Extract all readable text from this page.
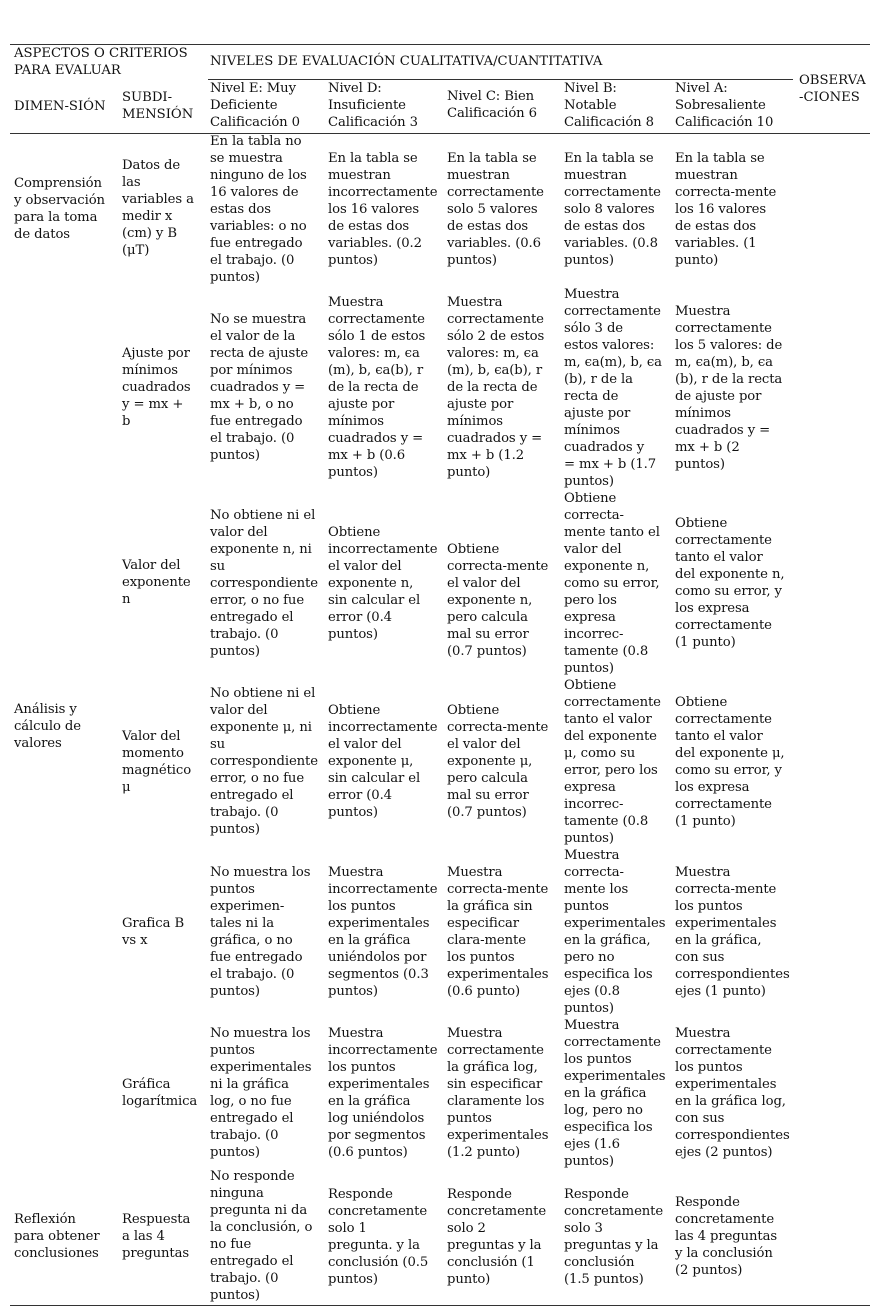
ASPECTOS O CRITERIOS
PARA EVALUAR
NIVELES DE EVALUACIÓN CUALITATIVA/CUANTITATIVA
DIMEN-SIÓN
SUBDI-
MENSIÓN
OBSERVA
-CIONES
Nivel E: Muy
Deficiente
Calificación 0
Nivel D:
Insuficiente
Calificación 3
Nivel C: Bien
Calificación 6
Nivel B:
Notable
Calificación 8
Nivel A:
Sobresaliente
Calificación 10
Comprensión
y observación
para la toma
de datos
Análisis y
cálculo de
valores
Reflexión
para obtener
conclusiones
Datos de
las
variables a
medir x
(cm) y B
(μT)
En la tabla no
se muestra
ninguno de los
16 valores de
estas dos
variables: o no
fue entregado
el trabajo. (0
puntos)
En la tabla se
muestran
incorrectamente
los 16 valores
de estas dos
variables. (0.2
puntos)
En la tabla se
muestran
correctamente
solo 5 valores
de estas dos
variables. (0.6
puntos)
En la tabla se
muestran
correctamente
solo 8 valores
de estas dos
variables. (0.8
puntos)
En la tabla se
muestran
correcta-mente
los 16 valores
de estas dos
variables. (1
punto)
Ajuste por
mínimos
cuadrados
y = mx +
b
No se muestra
el valor de la
recta de ajuste
por mínimos
cuadrados y =
mx + b, o no
fue entregado
el trabajo. (0
puntos)
Muestra
correctamente
sólo 1 de estos
valores: m, ϵa
(m), b, ϵa(b), r
de la recta de
ajuste por
mínimos
cuadrados y =
mx + b (0.6
puntos)
Muestra
correctamente
sólo 2 de estos
valores: m, ϵa
(m), b, ϵa(b), r
de la recta de
ajuste por
mínimos
cuadrados y =
mx + b (1.2
punto)
Muestra
correctamente
sólo 3 de
estos valores:
m, ϵa(m), b, ϵa
(b), r de la
recta de
ajuste por
mínimos
cuadrados y
= mx + b (1.7
puntos)
Muestra
correctamente
los 5 valores: de
m, ϵa(m), b, ϵa
(b), r de la recta
de ajuste por
mínimos
cuadrados y =
mx + b (2
puntos)
Valor del
exponente
n
No obtiene ni el
valor del
exponente n, ni
su
correspondiente
error, o no fue
entregado el
trabajo. (0
puntos)
Obtiene
incorrectamente
el valor del
exponente n,
sin calcular el
error (0.4
puntos)
Obtiene
correcta-mente
el valor del
exponente n,
pero calcula
mal su error
(0.7 puntos)
Obtiene
correcta-
mente tanto el
valor del
exponente n,
como su error,
pero los
expresa
incorrec-
tamente (0.8
puntos)
Obtiene
correctamente
tanto el valor
del exponente n,
como su error, y
los expresa
correctamente
(1 punto)
Valor del
momento
magnético
μ
No obtiene ni el
valor del
exponente μ, ni
su
correspondiente
error, o no fue
entregado el
trabajo. (0
puntos)
Obtiene
incorrectamente
el valor del
exponente μ,
sin calcular el
error (0.4
puntos)
Obtiene
correcta-mente
el valor del
exponente μ,
pero calcula
mal su error
(0.7 puntos)
Obtiene
correctamente
tanto el valor
del exponente
μ, como su
error, pero los
expresa
incorrec-
tamente (0.8
puntos)
Obtiene
correctamente
tanto el valor
del exponente μ,
como su error, y
los expresa
correctamente
(1 punto)
Grafica B
vs x
No muestra los
puntos
experimen-
tales ni la
gráfica, o no
fue entregado
el trabajo. (0
puntos)
Muestra
incorrectamente
los puntos
experimentales
en la gráfica
uniéndolos por
segmentos (0.3
puntos)
Muestra
correcta-mente
la gráfica sin
especificar
clara-mente
los puntos
experimentales
(0.6 punto)
Muestra
correcta-
mente los
puntos
experimentales
en la gráfica,
pero no
especifica los
ejes (0.8
puntos)
Muestra
correcta-mente
los puntos
experimentales
en la gráfica,
con sus
correspondientes
ejes (1 punto)
Gráfica
logarítmica
No muestra los
puntos
experimentales
ni la gráfica
log, o no fue
entregado el
trabajo. (0
puntos)
Muestra
incorrectamente
los puntos
experimentales
en la gráfica
log uniéndolos
por segmentos
(0.6 puntos)
Muestra
correctamente
la gráfica log,
sin especificar
claramente los
puntos
experimentales
(1.2 punto)
Muestra
correctamente
los puntos
experimentales
en la gráfica
log, pero no
especifica los
ejes (1.6
puntos)
Muestra
correctamente
los puntos
experimentales
en la gráfica log,
con sus
correspondientes
ejes (2 puntos)
Respuesta
a las 4
preguntas
No responde
ninguna
pregunta ni da
la conclusión, o
no fue
entregado el
trabajo. (0
puntos)
Responde
concretamente
solo 1
pregunta. y la
conclusión (0.5
puntos)
Responde
concretamente
solo 2
preguntas y la
conclusión (1
punto)
Responde
concretamente
solo 3
preguntas y la
conclusión
(1.5 puntos)
Responde
concretamente
las 4 preguntas
y la conclusión
(2 puntos)
